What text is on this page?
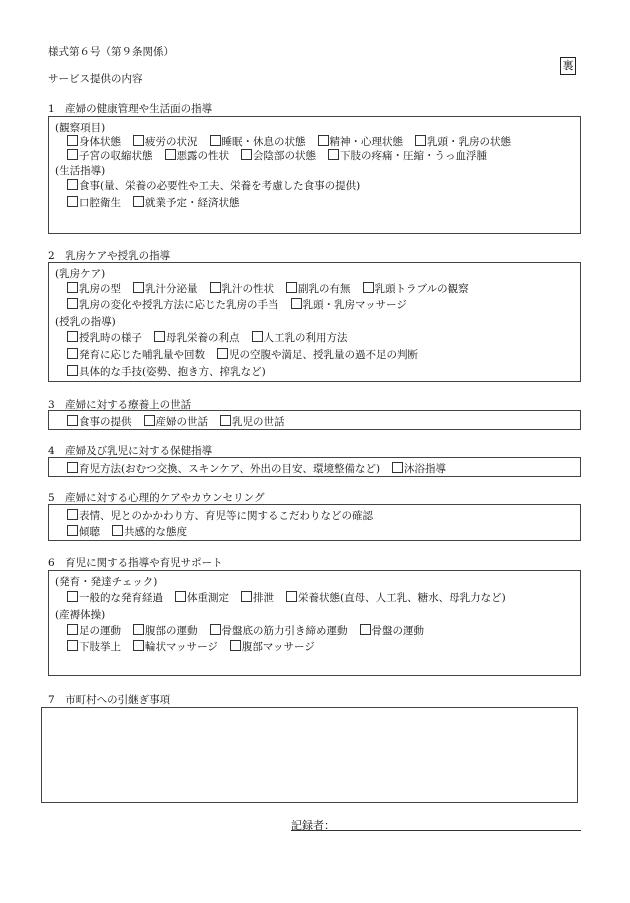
様式第６号（第９条関係）
裏
サービス提供の内容
1　産婦の健康管理や生活面の指導
(観察項目)
身体状態 疲労の状況 睡眠・休息の状態 精神・心理状態 乳頭・乳房の状態
子宮の収縮状態 悪露の性状 会陰部の状態 下肢の疼痛・圧縮・うっ血浮腫
(生活指導)
食事(量、栄養の必要性や工夫、栄養を考慮した食事の提供)
口腔衛生 就業予定・経済状態
2　乳房ケアや授乳の指導
(乳房ケア)
乳房の型 乳汁分泌量 乳汁の性状 副乳の有無 乳頭トラブルの観察
乳房の変化や授乳方法に応じた乳房の手当 乳頭・乳房マッサージ
(授乳の指導)
授乳時の様子 母乳栄養の利点 人工乳の利用方法
発育に応じた哺乳量や回数 児の空腹や満足、授乳量の過不足の判断
具体的な手技(姿勢、抱き方、搾乳など)
3　産婦に対する療養上の世話
食事の提供 産婦の世話 乳児の世話
4　産婦及び乳児に対する保健指導
育児方法(おむつ交換、スキンケア、外出の目安、環境整備など) 沐浴指導
5　産婦に対する心理的ケアやカウンセリング
表情、児とのかかわり方、育児等に関するこだわりなどの確認
傾聴 共感的な態度
6　育児に関する指導や育児サポート
(発育・発達チェック)
一般的な発育経過 体重測定 排泄 栄養状態(直母、人工乳、糖水、母乳力など)
(産褥体操)
足の運動 腹部の運動 骨盤底の筋力引き締め運動 骨盤の運動
下肢挙上 輪状マッサージ 腹部マッサージ
7　市町村への引継ぎ事項
記録者：
